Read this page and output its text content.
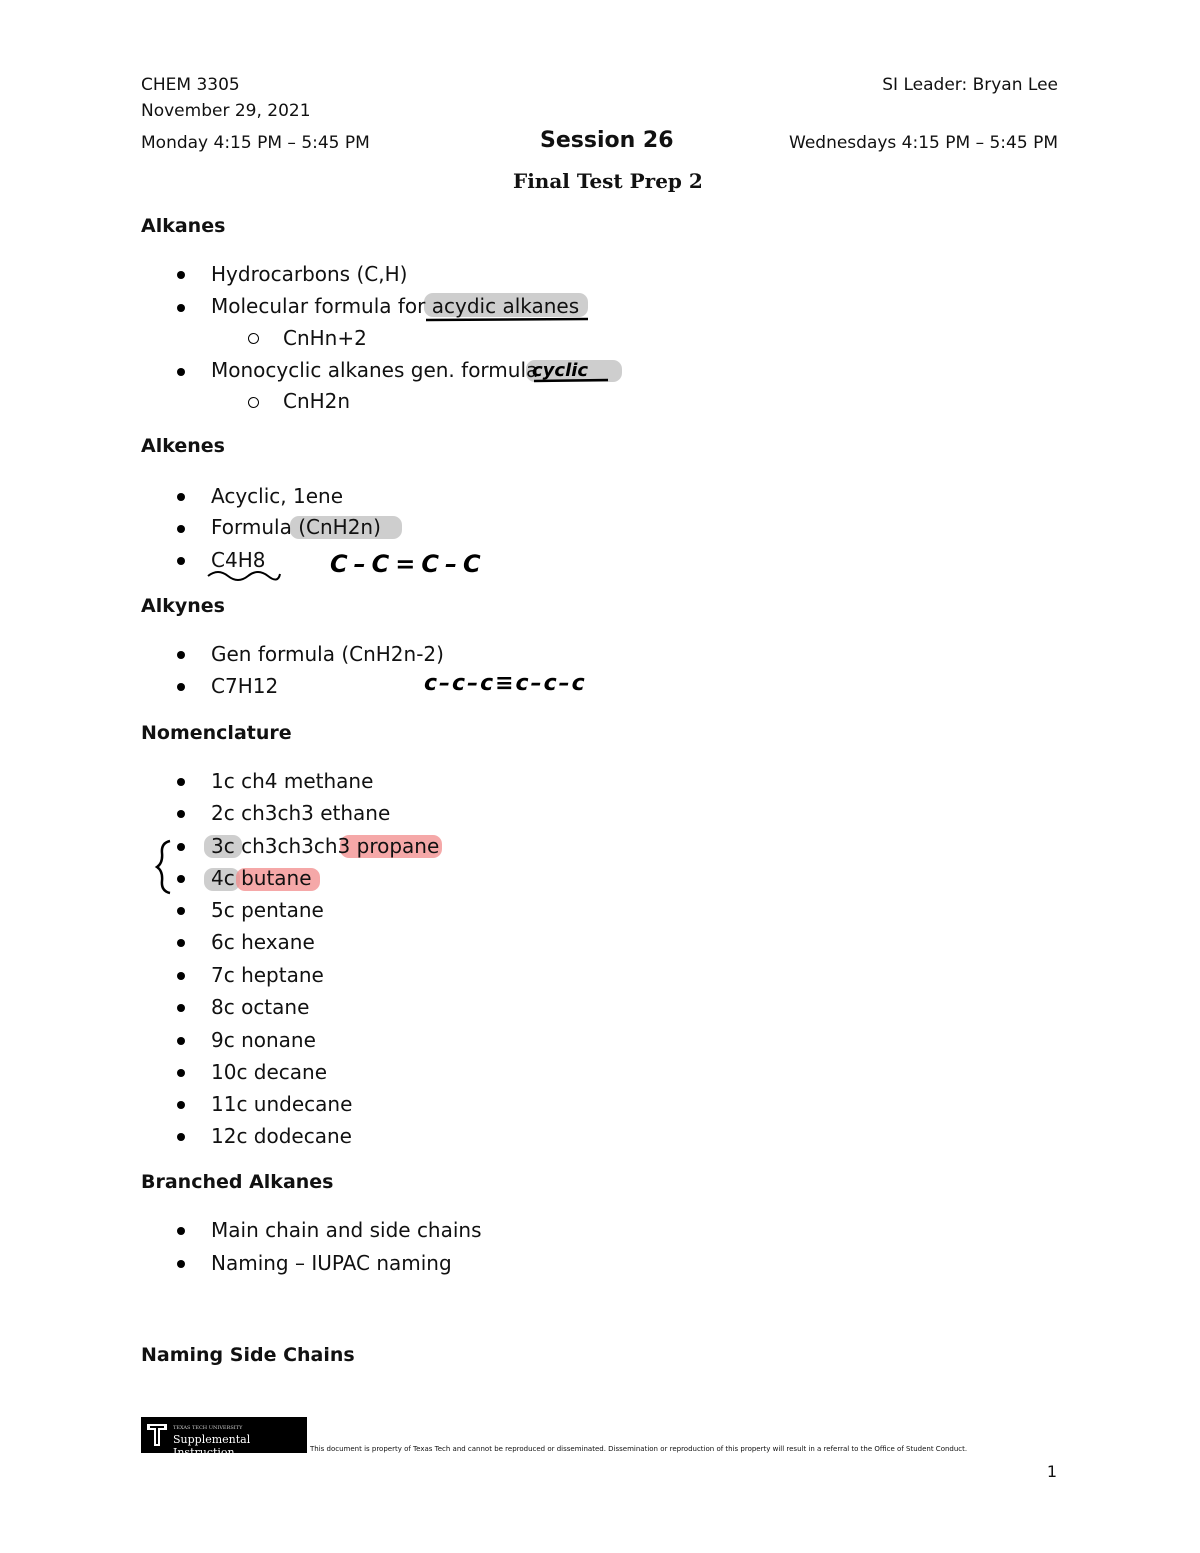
CHEM 3305
November 29, 2021
SI Leader: Bryan Lee
Monday 4:15 PM – 5:45 PM	Session 26	Wednesdays 4:15 PM – 5:45 PM
Final Test Prep 2
Alkanes
Hydrocarbons (C,H)
Molecular formula for acydic alkanes
CnHn+2
Monocyclic alkanes gen. formula
cyclic
CnH2n
Alkenes
Acyclic, 1ene
Formula (CnH2n)
C4H8	C–C=C–C
Alkynes
Gen formula (CnH2n-2)
C7H12	c–c–c≡c–c–c
Nomenclature
1c ch4 methane
2c ch3ch3 ethane
3c ch3ch3ch3 propane
4c butane
5c pentane
6c hexane
7c heptane
8c octane
9c nonane
10c decane
11c undecane
12c dodecane
Branched Alkanes
Main chain and side chains
Naming – IUPAC naming
Naming Side Chains
TEXAS TECH UNIVERSITY
Supplemental Instruction	This document is property of Texas Tech and cannot be reproduced or disseminated. Dissemination or reproduction of this property will result in a referral to the Office of Student Conduct.
1
